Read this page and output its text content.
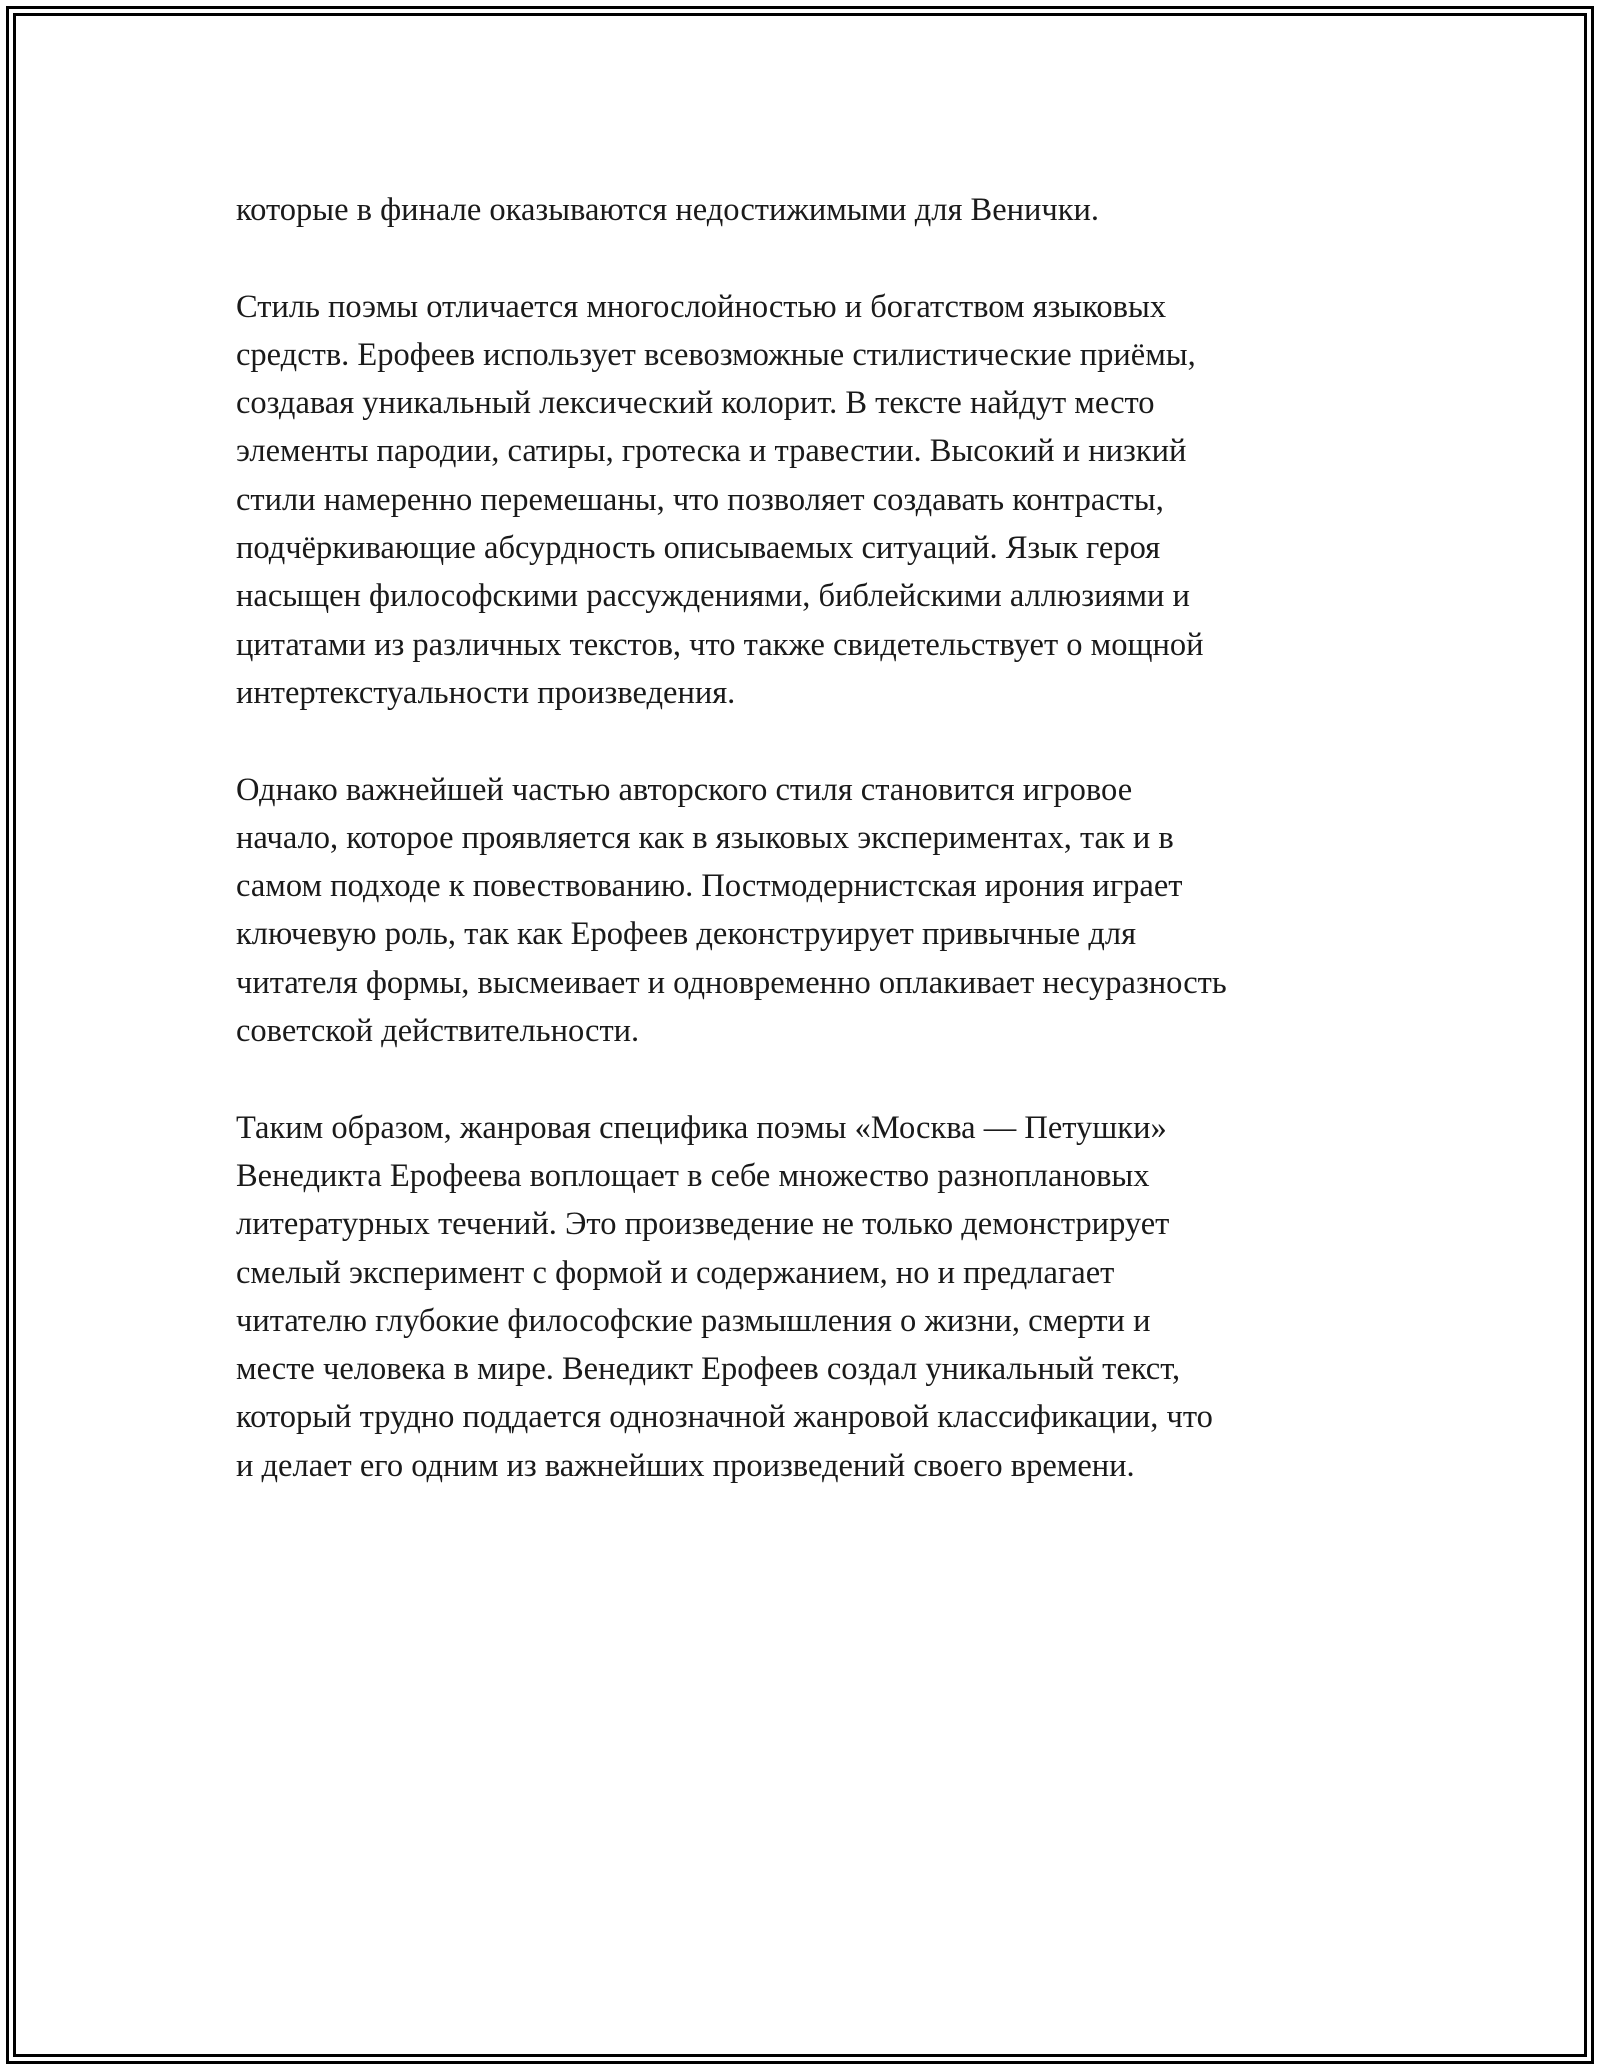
которые в финале оказываются недостижимыми для Венички.

Стиль поэмы отличается многослойностью и богатством языковых
средств. Ерофеев использует всевозможные стилистические приёмы,
создавая уникальный лексический колорит. В тексте найдут место
элементы пародии, сатиры, гротеска и травестии. Высокий и низкий
стили намеренно перемешаны, что позволяет создавать контрасты,
подчёркивающие абсурдность описываемых ситуаций. Язык героя
насыщен философскими рассуждениями, библейскими аллюзиями и
цитатами из различных текстов, что также свидетельствует о мощной
интертекстуальности произведения.

Однако важнейшей частью авторского стиля становится игровое
начало, которое проявляется как в языковых экспериментах, так и в
самом подходе к повествованию. Постмодернистская ирония играет
ключевую роль, так как Ерофеев деконструирует привычные для
читателя формы, высмеивает и одновременно оплакивает несуразность
советской действительности.

Таким образом, жанровая специфика поэмы «Москва — Петушки»
Венедикта Ерофеева воплощает в себе множество разноплановых
литературных течений. Это произведение не только демонстрирует
смелый эксперимент с формой и содержанием, но и предлагает
читателю глубокие философские размышления о жизни, смерти и
месте человека в мире. Венедикт Ерофеев создал уникальный текст,
который трудно поддается однозначной жанровой классификации, что
и делает его одним из важнейших произведений своего времени.
